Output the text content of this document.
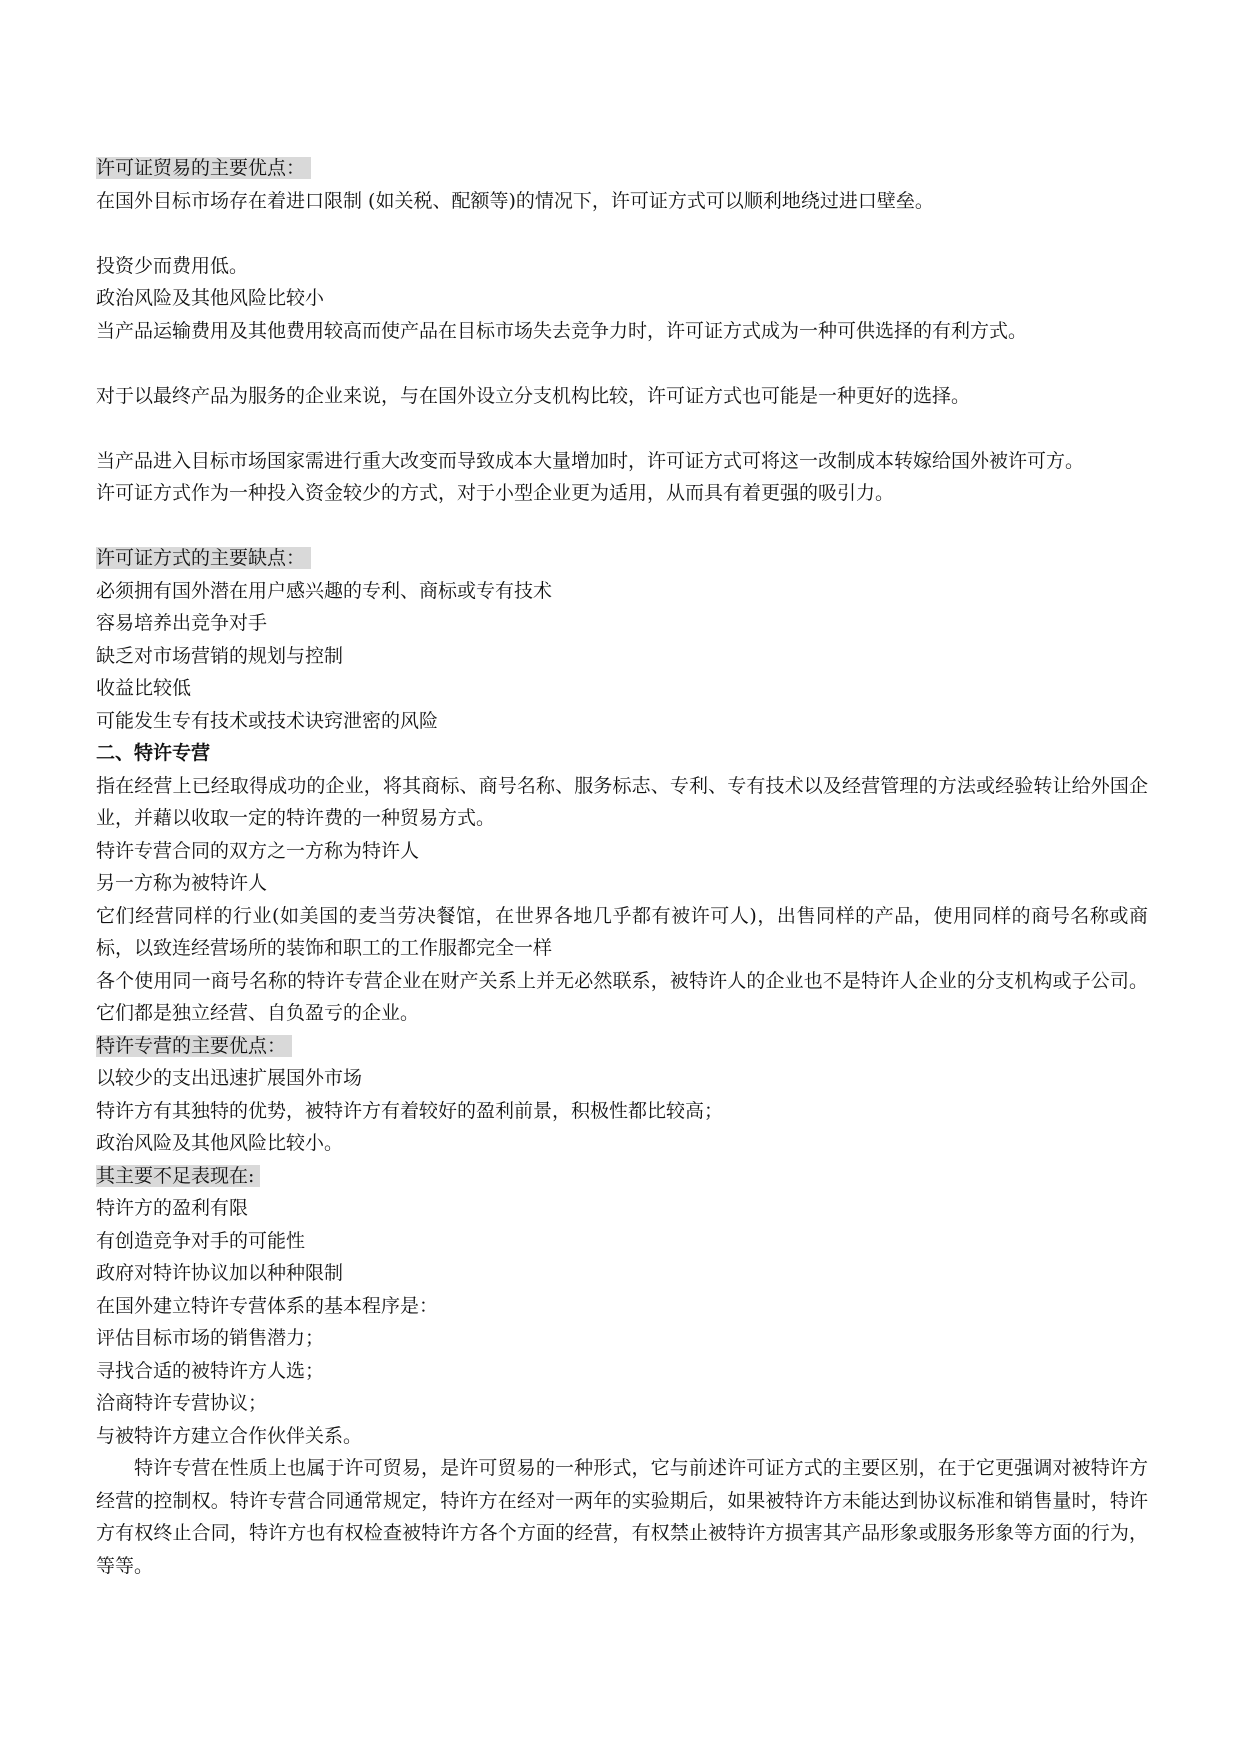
许可证贸易的主要优点：
在国外目标市场存在着进口限制 (如关税、配额等)的情况下，许可证方式可以顺利地绕过进口壁垒。
投资少而费用低。
政治风险及其他风险比较小
当产品运输费用及其他费用较高而使产品在目标市场失去竞争力时，许可证方式成为一种可供选择的有利方式。
对于以最终产品为服务的企业来说，与在国外设立分支机构比较，许可证方式也可能是一种更好的选择。

当产品进入目标市场国家需进行重大改变而导致成本大量增加时，许可证方式可将这一改制成本转嫁给国外被许可方。

许可证方式作为一种投入资金较少的方式，对于小型企业更为适用，从而具有着更强的吸引力。
许可证方式的主要缺点：
必须拥有国外潜在用户感兴趣的专利、商标或专有技术
容易培养出竞争对手
缺乏对市场营销的规划与控制
收益比较低
可能发生专有技术或技术诀窍泄密的风险
二、特许专营

指在经营上已经取得成功的企业，将其商标、商号名称、服务标志、专利、专有技术以及经营管理的方法或经验转让给外国企业，并藉以收取一定的特许费的一种贸易方式。

特许专营合同的双方之一方称为特许人
另一方称为被特许人

它们经营同样的行业(如美国的麦当劳决餐馆，在世界各地几乎都有被许可人)，出售同样的产品，使用同样的商号名称或商标，以致连经营场所的装饰和职工的工作服都完全一样

各个使用同一商号名称的特许专营企业在财产关系上并无必然联系，被特许人的企业也不是特许人企业的分支机构或子公司。它们都是独立经营、自负盈亏的企业。

特许专营的主要优点：
以较少的支出迅速扩展国外市场
特许方有其独特的优势，被特许方有着较好的盈利前景，积极性都比较高；
政治风险及其他风险比较小。
其主要不足表现在:
特许方的盈利有限
有创造竞争对手的可能性
政府对特许协议加以种种限制
在国外建立特许专营体系的基本程序是：
评估目标市场的销售潜力；
寻找合适的被特许方人选；
洽商特许专营协议；
与被特许方建立合作伙伴关系。

特许专营在性质上也属于许可贸易，是许可贸易的一种形式，它与前述许可证方式的主要区别，在于它更强调对被特许方经营的控制权。特许专营合同通常规定，特许方在经对一两年的实验期后，如果被特许方未能达到协议标准和销售量时，特许方有权终止合同，特许方也有权检查被特许方各个方面的经营，有权禁止被特许方损害其产品形象或服务形象等方面的行为，等等。
